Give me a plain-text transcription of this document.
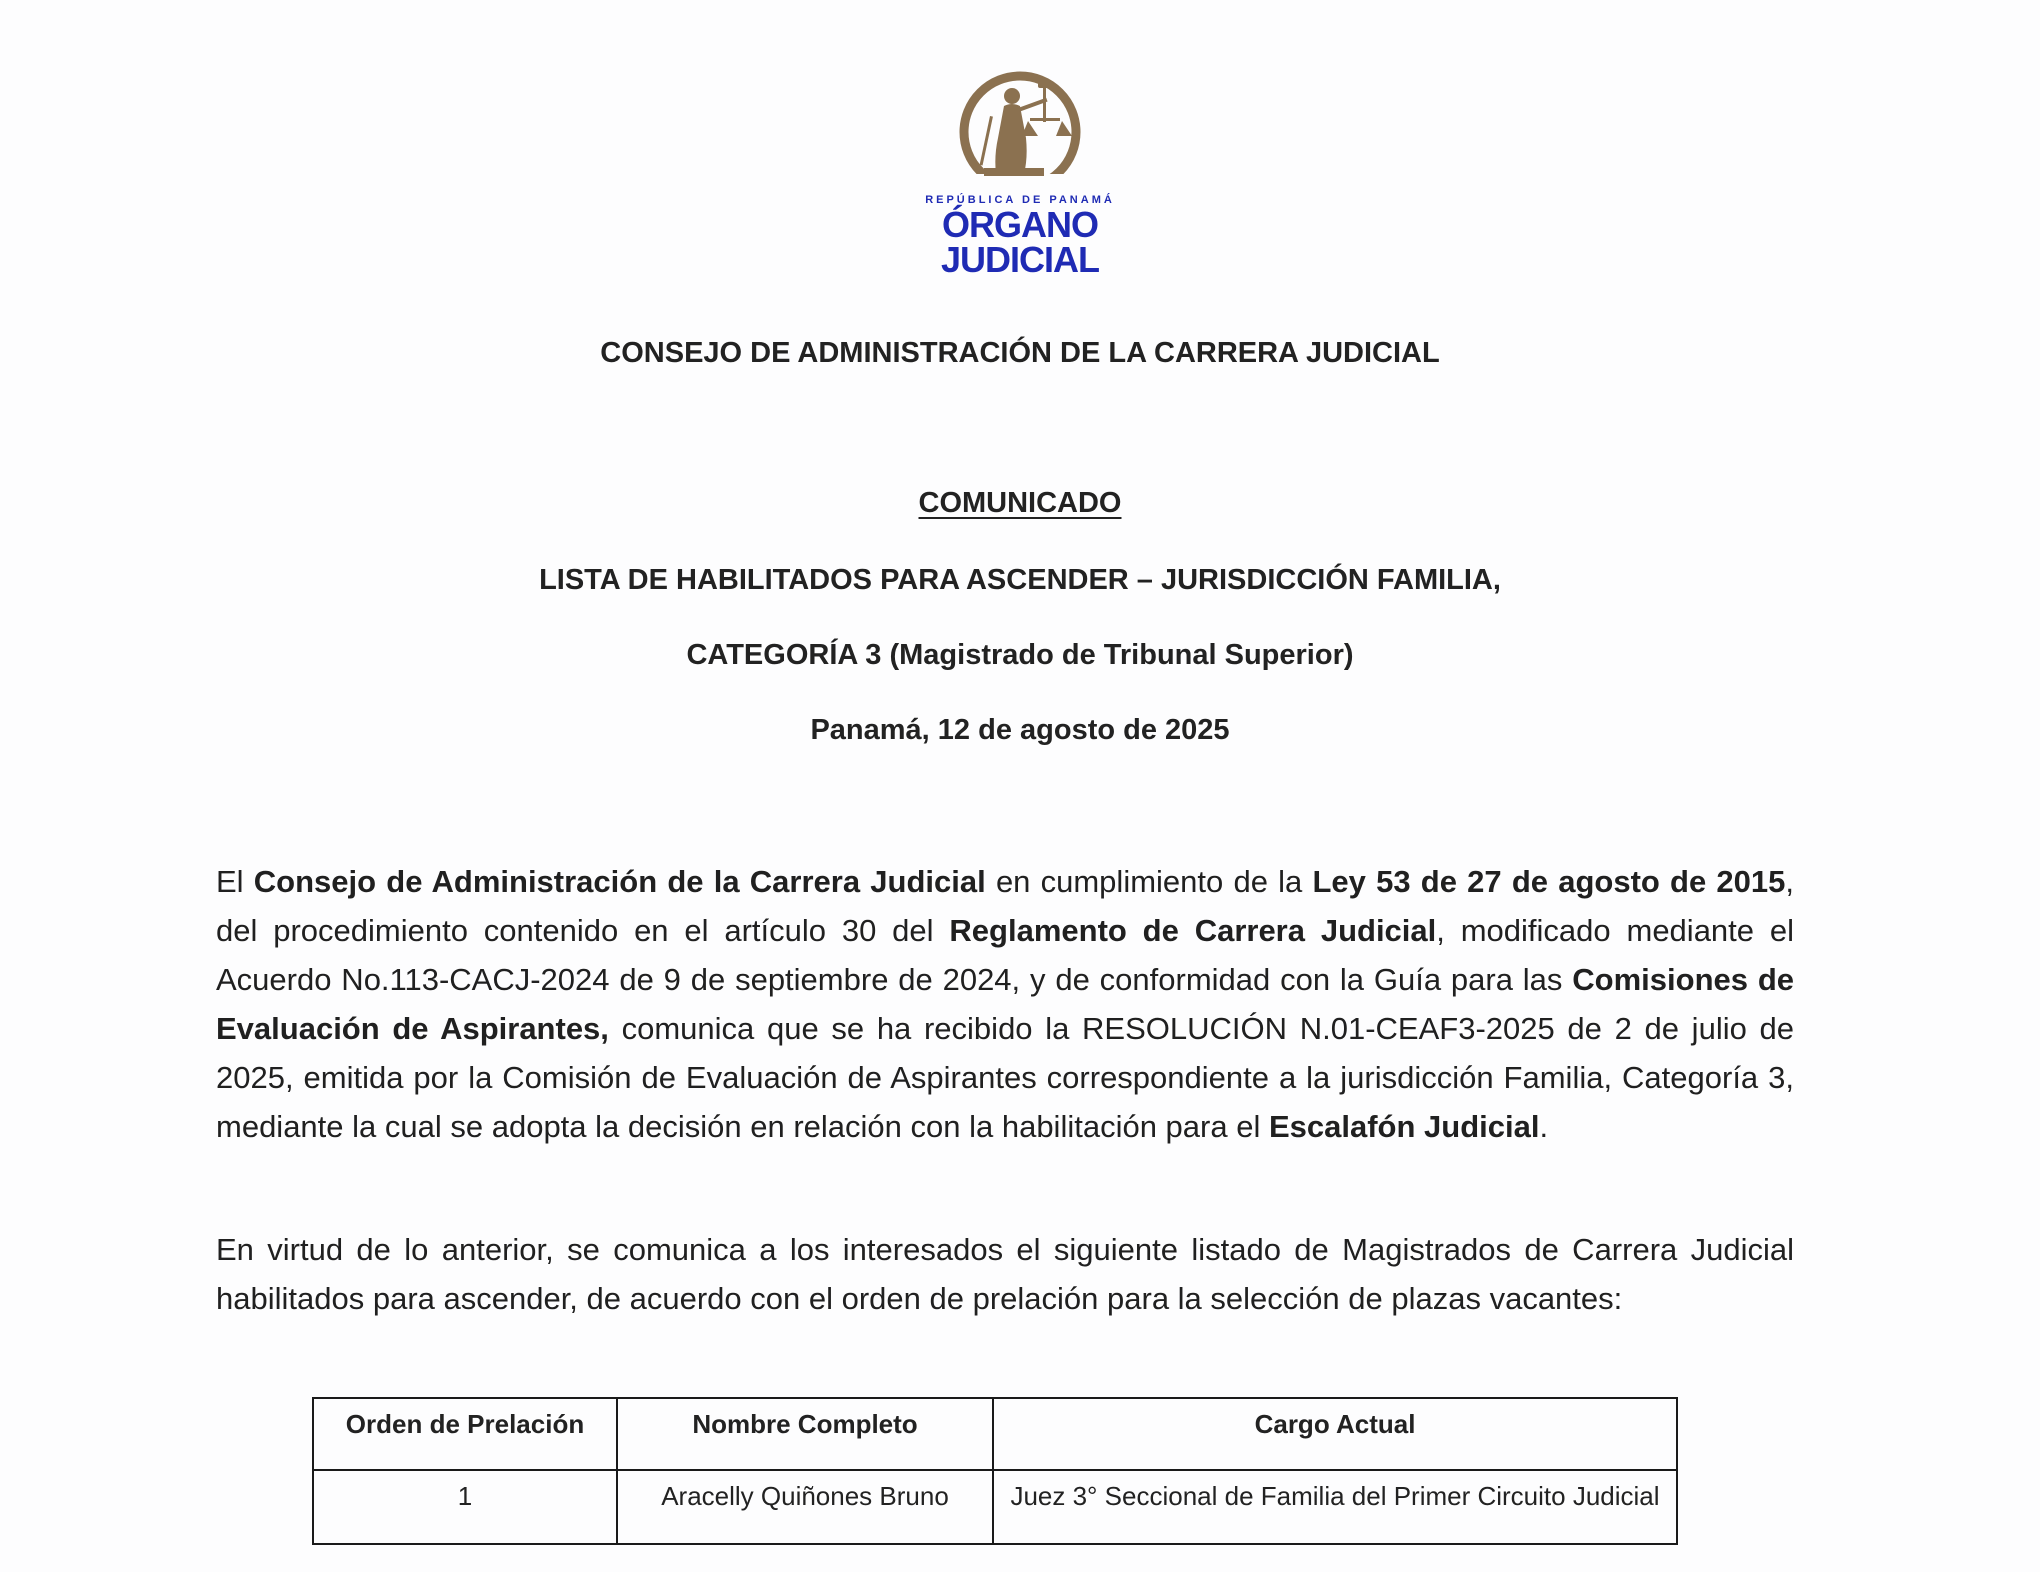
REPÚBLICA DE PANAMÁ
ÓRGANO
JUDICIAL
CONSEJO DE ADMINISTRACIÓN DE LA CARRERA JUDICIAL
COMUNICADO
LISTA DE HABILITADOS PARA ASCENDER – JURISDICCIÓN FAMILIA,
CATEGORÍA 3 (Magistrado de Tribunal Superior)
Panamá, 12 de agosto de 2025
El Consejo de Administración de la Carrera Judicial en cumplimiento de la Ley 53 de 27 de agosto de 2015, del procedimiento contenido en el artículo 30 del Reglamento de Carrera Judicial, modificado mediante el Acuerdo No.113-CACJ-2024 de 9 de septiembre de 2024, y de conformidad con la Guía para las Comisiones de Evaluación de Aspirantes, comunica que se ha recibido la RESOLUCIÓN N.01-CEAF3-2025 de 2 de julio de 2025, emitida por la Comisión de Evaluación de Aspirantes correspondiente a la jurisdicción Familia, Categoría 3, mediante la cual se adopta la decisión en relación con la habilitación para el Escalafón Judicial.
En virtud de lo anterior, se comunica a los interesados el siguiente listado de Magistrados de Carrera Judicial habilitados para ascender, de acuerdo con el orden de prelación para la selección de plazas vacantes:
Orden de Prelación	Nombre Completo	Cargo Actual
1	Aracelly Quiñones Bruno	Juez 3° Seccional de Familia del Primer Circuito Judicial
